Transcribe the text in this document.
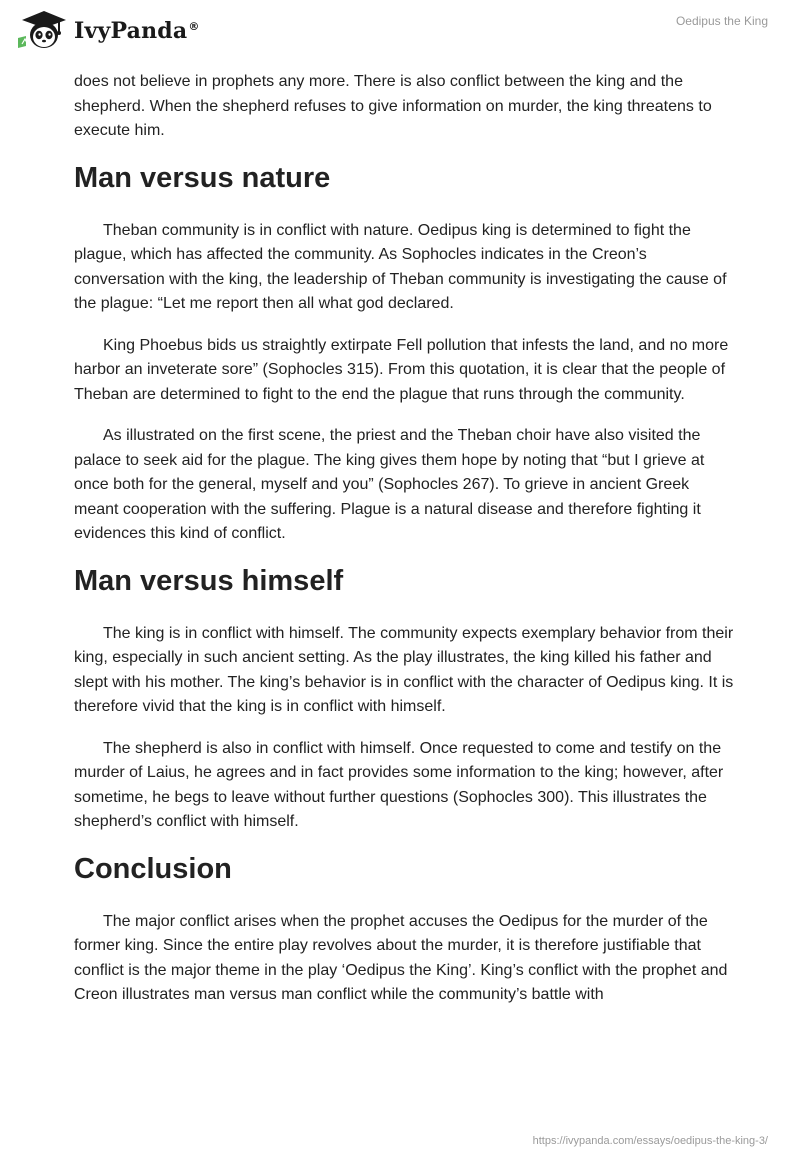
IvyPanda®	Oedipus the King

does not believe in prophets any more. There is also conflict between the king and the shepherd. When the shepherd refuses to give information on murder, the king threatens to execute him.

Man versus nature

Theban community is in conflict with nature. Oedipus king is determined to fight the plague, which has affected the community. As Sophocles indicates in the Creon’s conversation with the king, the leadership of Theban community is investigating the cause of the plague: “Let me report then all what god declared.

King Phoebus bids us straightly extirpate Fell pollution that infests the land, and no more harbor an inveterate sore” (Sophocles 315). From this quotation, it is clear that the people of Theban are determined to fight to the end the plague that runs through the community.

As illustrated on the first scene, the priest and the Theban choir have also visited the palace to seek aid for the plague. The king gives them hope by noting that “but I grieve at once both for the general, myself and you” (Sophocles 267). To grieve in ancient Greek meant cooperation with the suffering. Plague is a natural disease and therefore fighting it evidences this kind of conflict.

Man versus himself

The king is in conflict with himself. The community expects exemplary behavior from their king, especially in such ancient setting. As the play illustrates, the king killed his father and slept with his mother. The king’s behavior is in conflict with the character of Oedipus king. It is therefore vivid that the king is in conflict with himself.

The shepherd is also in conflict with himself. Once requested to come and testify on the murder of Laius, he agrees and in fact provides some information to the king; however, after sometime, he begs to leave without further questions (Sophocles 300). This illustrates the shepherd’s conflict with himself.

Conclusion

The major conflict arises when the prophet accuses the Oedipus for the murder of the former king. Since the entire play revolves about the murder, it is therefore justifiable that conflict is the major theme in the play ‘Oedipus the King’. King’s conflict with the prophet and Creon illustrates man versus man conflict while the community’s battle with

https://ivypanda.com/essays/oedipus-the-king-3/
